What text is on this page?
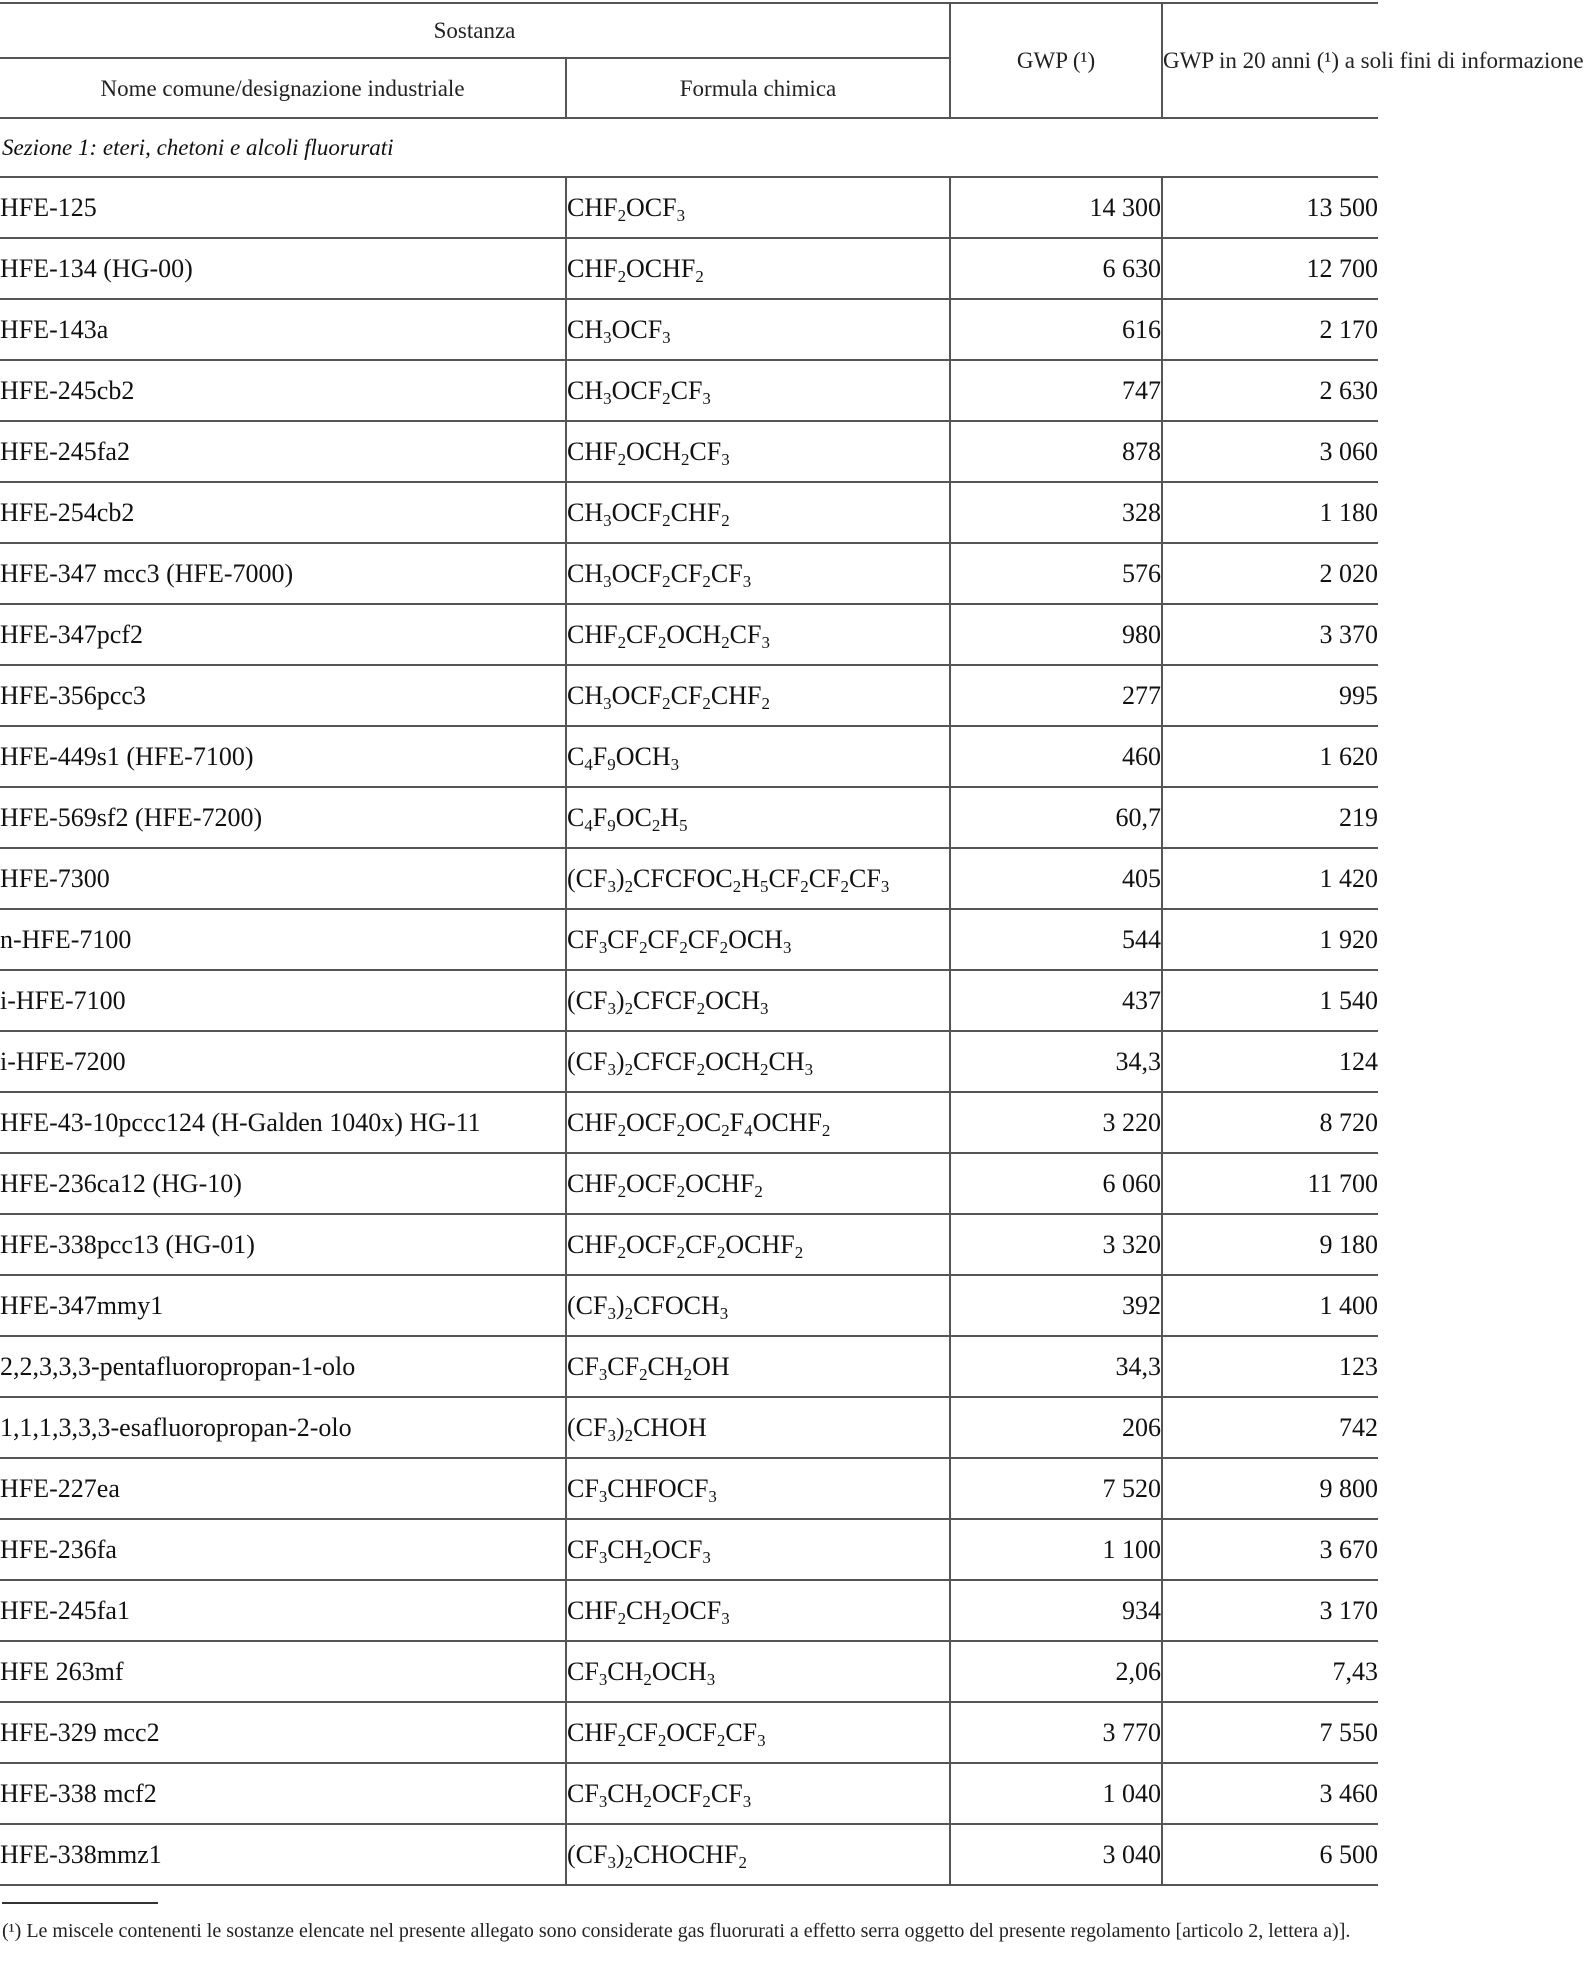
Sostanza		GWP (¹)	GWP in 20 anni (¹) a soli fini di informazione
Nome comune/designazione industriale	Formula chimica		
Sezione 1: eteri, chetoni e alcoli fluorurati			
HFE-125	$CHF_2OCF_3$	14 300	13 500
HFE-134 (HG-00)	$CHF_2OCHF_2$	6 630	12 700
HFE-143a	$CH_3OCF_3$	616	2 170
HFE-245cb2	$CH_3OCF_2CF_3$	747	2 630
HFE-245fa2	$CHF_2OCH_2CF_3$	878	3 060
HFE-254cb2	$CH_3OCF_2CHF_2$	328	1 180
HFE-347 mcc3 (HFE-7000)	$CH_3OCF_2CF_2CF_3$	576	2 020
HFE-347pcf2	$CHF_2CF_2OCH_2CF_3$	980	3 370
HFE-356pcc3	$CH_3OCF_2CF_2CHF_2$	277	995
HFE-449s1 (HFE-7100)	$C_4F_9OCH_3$	460	1 620
HFE-569sf2 (HFE-7200)	$C_4F_9OC_2H_5$	60,7	219
HFE-7300	$(CF_3)_2CFCFOC_2H_5CF_2CF_2CF_3$	405	1 420
n-HFE-7100	$CF_3CF_2CF_2CF_2OCH_3$	544	1 920
i-HFE-7100	$(CF_3)_2CFCF_2OCH_3$	437	1 540
i-HFE-7200	$(CF_3)_2CFCF_2OCH_2CH_3$	34,3	124
HFE-43-10pccc124 (H-Galden 1040x) HG-11	$CHF_2OCF_2OC_2F_4OCHF_2$	3 220	8 720
HFE-236ca12 (HG-10)	$CHF_2OCF_2OCHF_2$	6 060	11 700
HFE-338pcc13 (HG-01)	$CHF_2OCF_2CF_2OCHF_2$	3 320	9 180
HFE-347mmy1	$(CF_3)_2CFOCH_3$	392	1 400
2,2,3,3,3-pentafluoropropan-1-olo	$CF_3CF_2CH_2OH$	34,3	123
1,1,1,3,3,3-esafluoropropan-2-olo	$(CF_3)_2CHOH$	206	742
HFE-227ea	$CF_3CHFOCF_3$	7 520	9 800
HFE-236fa	$CF_3CH_2OCF_3$	1 100	3 670
HFE-245fa1	$CHF_2CH_2OCF_3$	934	3 170
HFE 263mf	$CF_3CH_2OCH_3$	2,06	7,43
HFE-329 mcc2	$CHF_2CF_2OCF_2CF_3$	3 770	7 550
HFE-338 mcf2	$CF_3CH_2OCF_2CF_3$	1 040	3 460
HFE-338mmz1	$(CF_3)_2CHOCHF_2$	3 040	6 500
(¹) Le miscele contenenti le sostanze elencate nel presente allegato sono considerate gas fluorurati a effetto serra oggetto del presente regolamento [articolo 2, lettera a)].
